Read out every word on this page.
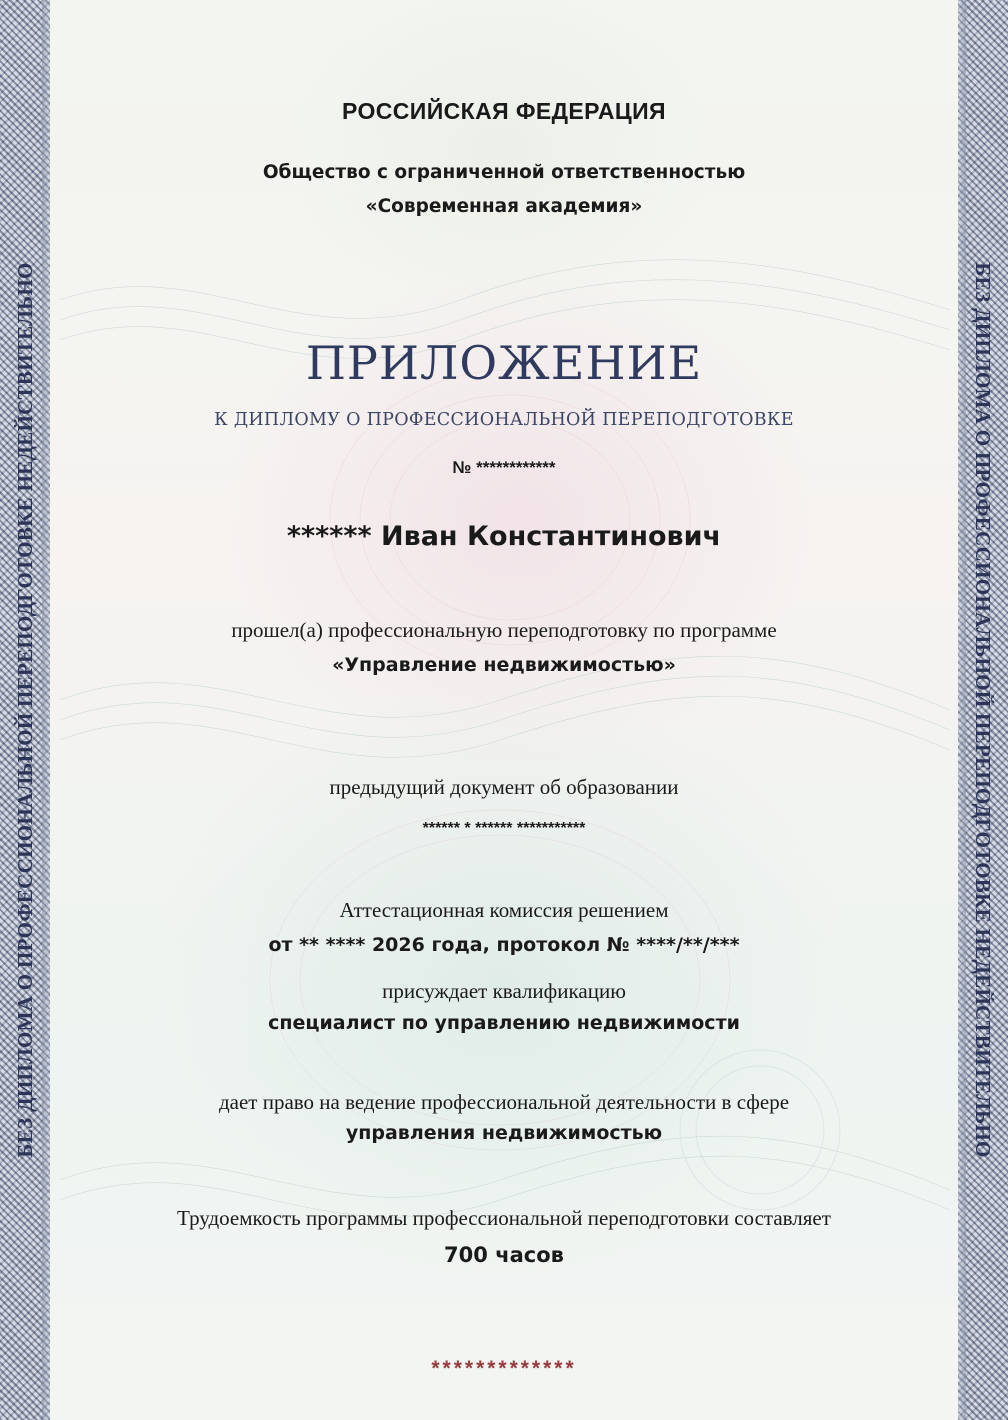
БЕЗ ДИПЛОМА О ПРОФЕССИОНАЛЬНОЙ ПЕРЕПОДГОТОВКЕ НЕДЕЙСТВИТЕЛЬНО	БЕЗ ДИПЛОМА О ПРОФЕССИОНАЛЬНОЙ ПЕРЕПОДГОТОВКЕ НЕДЕЙСТВИТЕЛЬНО
РОССИЙСКАЯ ФЕДЕРАЦИЯ
Общество с ограниченной ответственностью
«Современная академия»
ПРИЛОЖЕНИЕ
К ДИПЛОМУ О ПРОФЕССИОНАЛЬНОЙ ПЕРЕПОДГОТОВКЕ
№ ************
****** Иван Константинович
прошел(а) профессиональную переподготовку по программе
«Управление недвижимостью»
предыдущий документ об образовании
****** * ****** ***********
Аттестационная комиссия решением
от ** **** 2026 года, протокол № ****/**/***
присуждает квалификацию
специалист по управлению недвижимости
дает право на ведение профессиональной деятельности в сфере
управления недвижимостью
Трудоемкость программы профессиональной переподготовки составляет
700 часов
*************
